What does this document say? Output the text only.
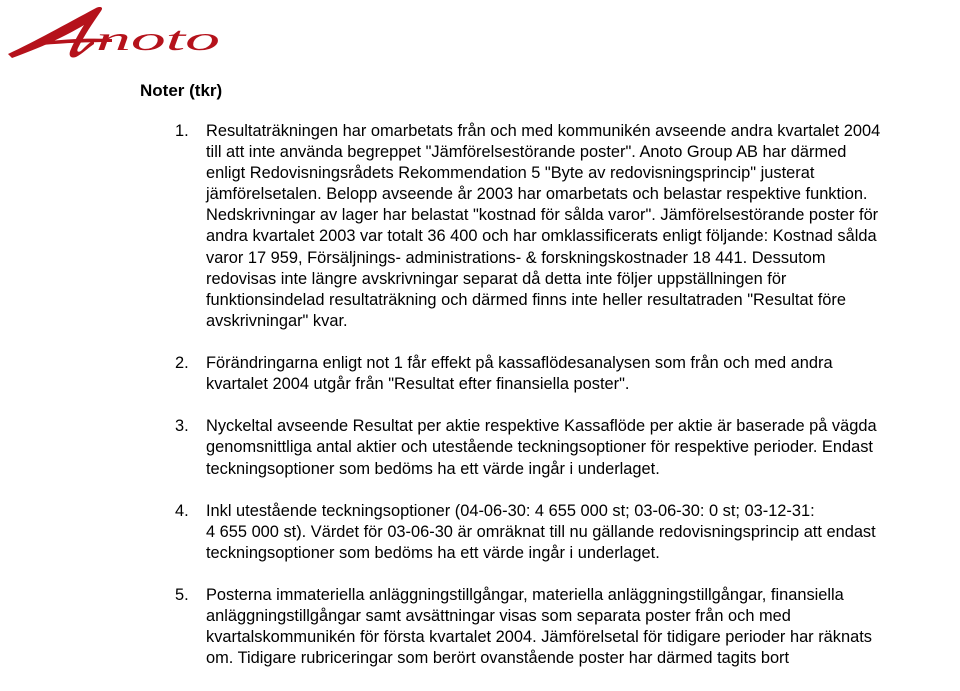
noto
Noter (tkr)
1. Resultaträkningen har omarbetats från och med kommunikén avseende andra kvartalet 2004
till att inte använda begreppet "Jämförelsestörande poster". Anoto Group AB har därmed
enligt Redovisningsrådets Rekommendation 5 "Byte av redovisningsprincip" justerat
jämförelsetalen. Belopp avseende år 2003 har omarbetats och belastar respektive funktion.
Nedskrivningar av lager har belastat "kostnad för sålda varor". Jämförelsestörande poster för
andra kvartalet 2003 var totalt 36 400 och har omklassificerats enligt följande: Kostnad sålda
varor 17 959, Försäljnings- administrations- & forskningskostnader 18 441. Dessutom
redovisas inte längre avskrivningar separat då detta inte följer uppställningen för
funktionsindelad resultaträkning och därmed finns inte heller resultatraden "Resultat före
avskrivningar" kvar.
2. Förändringarna enligt not 1 får effekt på kassaflödesanalysen som från och med andra
kvartalet 2004 utgår från "Resultat efter finansiella poster".
3. Nyckeltal avseende Resultat per aktie respektive Kassaflöde per aktie är baserade på vägda
genomsnittliga antal aktier och utestående teckningsoptioner för respektive perioder. Endast
teckningsoptioner som bedöms ha ett värde ingår i underlaget.
4. Inkl utestående teckningsoptioner (04-06-30: 4 655 000 st; 03-06-30: 0 st; 03-12-31:
4 655 000 st). Värdet för 03-06-30 är omräknat till nu gällande redovisningsprincip att endast
teckningsoptioner som bedöms ha ett värde ingår i underlaget.
5. Posterna immateriella anläggningstillgångar, materiella anläggningstillgångar, finansiella
anläggningstillgångar samt avsättningar visas som separata poster från och med
kvartalskommunikén för första kvartalet 2004. Jämförelsetal för tidigare perioder har räknats
om. Tidigare rubriceringar som berört ovanstående poster har därmed tagits bort
